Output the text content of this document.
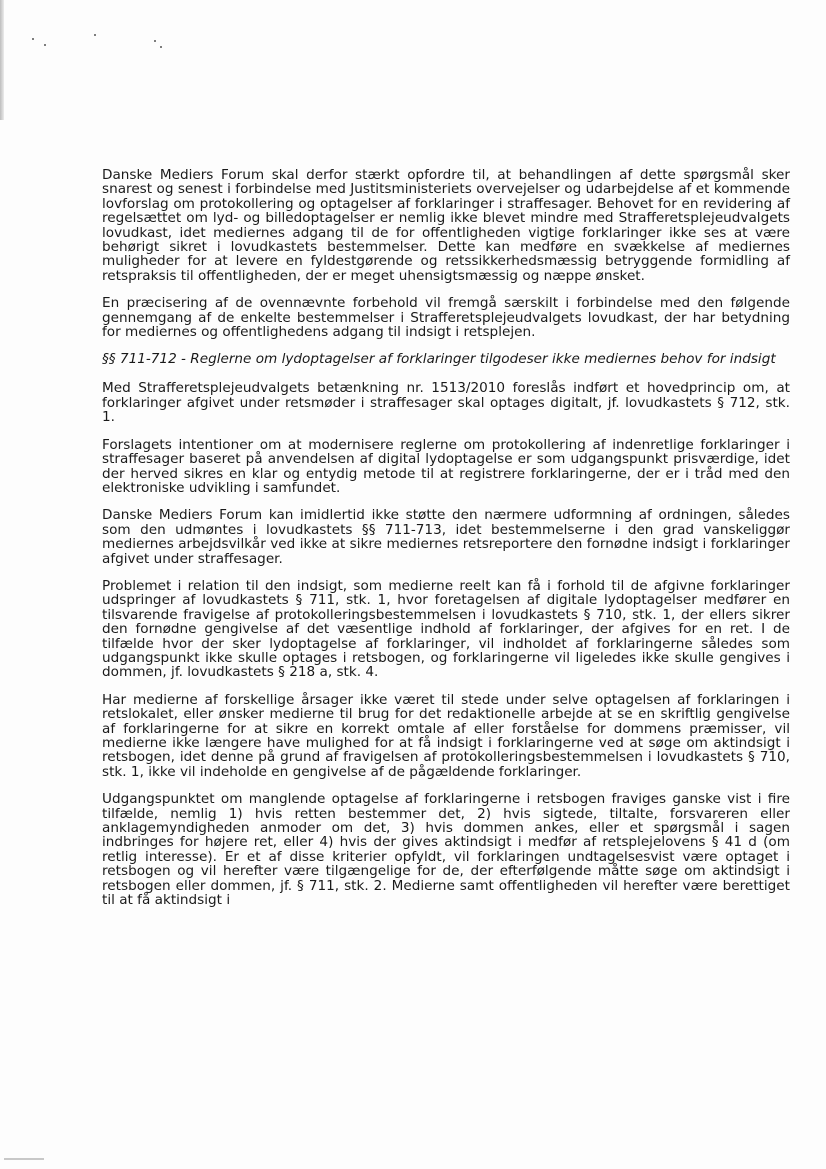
Danske Mediers Forum skal derfor stærkt opfordre til, at behandlingen af dette spørgsmål sker snarest og senest i forbindelse med Justitsministeriets overvejelser og udarbejdelse af et kommende lovforslag om protokollering og optagelser af forklaringer i straffesager. Behovet for en revidering af regelsættet om lyd- og billedoptagelser er nemlig ikke blevet mindre med Strafferetsplejeudvalgets lovudkast, idet mediernes adgang til de for offentligheden vigtige forklaringer ikke ses at være behørigt sikret i lovudkastets bestemmelser. Dette kan medføre en svækkelse af mediernes muligheder for at levere en fyldestgørende og retssikkerhedsmæssig betryggende formidling af retspraksis til offentligheden, der er meget uhensigtsmæssig og næppe ønsket.

En præcisering af de ovennævnte forbehold vil fremgå særskilt i forbindelse med den følgende gennemgang af de enkelte bestemmelser i Strafferetsplejeudvalgets lovudkast, der har betydning for mediernes og offentlighedens adgang til indsigt i retsplejen.

§§ 711-712 - Reglerne om lydoptagelser af forklaringer tilgodeser ikke mediernes behov for indsigt

Med Strafferetsplejeudvalgets betænkning nr. 1513/2010 foreslås indført et hovedprincip om, at forklaringer afgivet under retsmøder i straffesager skal optages digitalt, jf. lovudkastets § 712, stk. 1.

Forslagets intentioner om at modernisere reglerne om protokollering af indenretlige forklaringer i straffesager baseret på anvendelsen af digital lydoptagelse er som udgangspunkt prisværdige, idet der herved sikres en klar og entydig metode til at registrere forklaringerne, der er i tråd med den elektroniske udvikling i samfundet.

Danske Mediers Forum kan imidlertid ikke støtte den nærmere udformning af ordningen, således som den udmøntes i lovudkastets §§ 711-713, idet bestemmelserne i den grad vanskeliggør mediernes arbejdsvilkår ved ikke at sikre mediernes retsreportere den fornødne indsigt i forklaringer afgivet under straffesager.

Problemet i relation til den indsigt, som medierne reelt kan få i forhold til de afgivne forklaringer udspringer af lovudkastets § 711, stk. 1, hvor foretagelsen af digitale lydoptagelser medfører en tilsvarende fravigelse af protokolleringsbestemmelsen i lovudkastets § 710, stk. 1, der ellers sikrer den fornødne gengivelse af det væsentlige indhold af forklaringer, der afgives for en ret. I de tilfælde hvor der sker lydoptagelse af forklaringer, vil indholdet af forklaringerne således som udgangspunkt ikke skulle optages i retsbogen, og forklaringerne vil ligeledes ikke skulle gengives i dommen, jf. lovudkastets § 218 a, stk. 4.

Har medierne af forskellige årsager ikke været til stede under selve optagelsen af forklaringen i retslokalet, eller ønsker medierne til brug for det redaktionelle arbejde at se en skriftlig gengivelse af forklaringerne for at sikre en korrekt omtale af eller forståelse for dommens præmisser, vil medierne ikke længere have mulighed for at få indsigt i forklaringerne ved at søge om aktindsigt i retsbogen, idet denne på grund af fravigelsen af protokolleringsbestemmelsen i lovudkastets § 710, stk. 1, ikke vil indeholde en gengivelse af de pågældende forklaringer.

Udgangspunktet om manglende optagelse af forklaringerne i retsbogen fraviges ganske vist i fire tilfælde, nemlig 1) hvis retten bestemmer det, 2) hvis sigtede, tiltalte, forsvareren eller anklagemyndigheden anmoder om det, 3) hvis dommen ankes, eller et spørgsmål i sagen indbringes for højere ret, eller 4) hvis der gives aktindsigt i medfør af retsplejelovens § 41 d (om retlig interesse). Er et af disse kriterier opfyldt, vil forklaringen undtagelsesvist være optaget i retsbogen og vil herefter være tilgængelige for de, der efterfølgende måtte søge om aktindsigt i retsbogen eller dommen, jf. § 711, stk. 2. Medierne samt offentligheden vil herefter være berettiget til at få aktindsigt i
